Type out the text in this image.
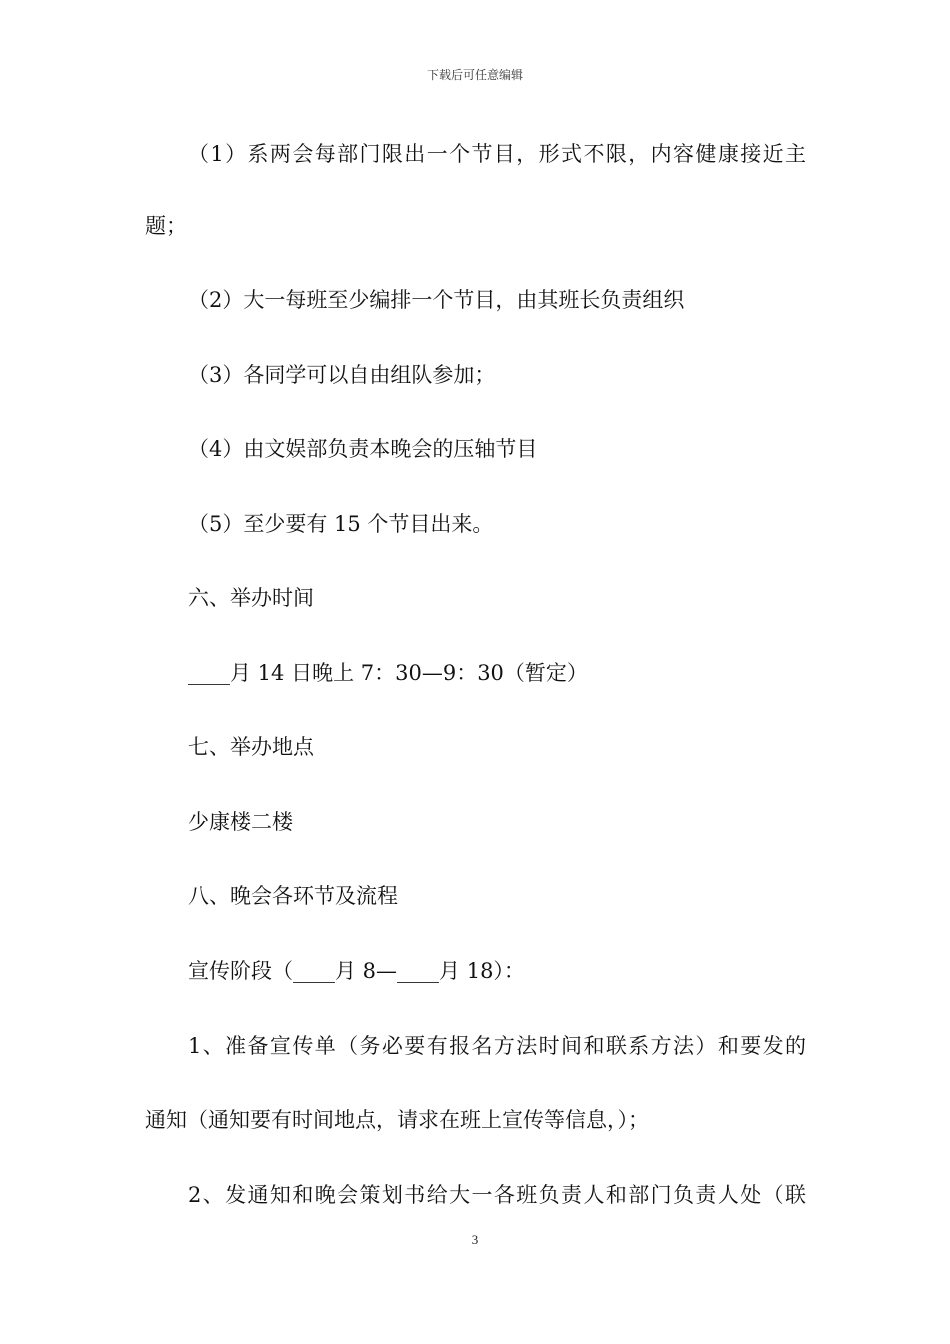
下载后可任意编辑
（1）系两会每部门限出一个节目，形式不限，内容健康接近主
题；
（2）大一每班至少编排一个节目，由其班长负责组织
（3）各同学可以自由组队参加；
（4）由文娱部负责本晚会的压轴节目
（5）至少要有 15 个节目出来。
六、举办时间
____月 14 日晚上 7：30—9：30（暂定）
七、举办地点
少康楼二楼
八、晚会各环节及流程
宣传阶段（____月 8—____月 18）：
1、准备宣传单（务必要有报名方法时间和联系方法）和要发的
通知（通知要有时间地点，请求在班上宣传等信息，）；
2、发通知和晚会策划书给大一各班负责人和部门负责人处（联
3
